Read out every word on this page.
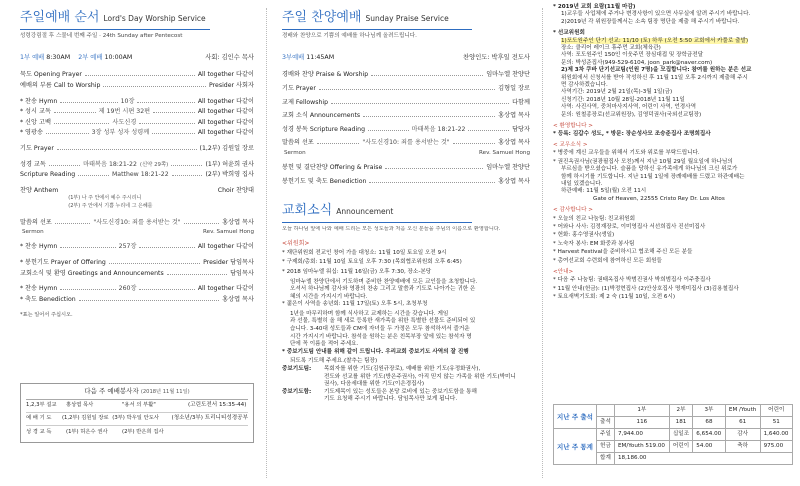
주일예배 순서 Lord's Day Worship Service
성령강림절 후 스물네 번째 주일 · 24th Sunday after Pentecost
1부 예배 8:30AM 2부 예배 10:00AM	사회: 김인수 목사
묵도 Opening Prayer	All together 다같이
예배의 부름 Call to Worship	Presider 사회자
* 찬송 Hymn	10장	All together 다같이
* 성시 교독	제 19번 시편 32편	All together 다같이
* 신앙 고백	사도신경	All together 다같이
* 영광송	3장 성부 성자 성령께	All together 다같이
기도 Prayer	(1,2부) 김원일 장로
성경 교독	마태복음 18:21-22 (신약 29쪽)	(1부) 허윤희 권사
Scripture Reading	Matthew 18:21-22	(2부) 박희영 집사
찬양 Anthem
(1부) 나 주 안에서 예수 주시리니
(2부) 주 안에서 기쁨 누리네 그 은혜를
Choir 찬양대
말씀의 선포	"사도신경10: 죄를 용서받는 것"	홍상엽 목사
Sermon	Rev. Samuel Hong
* 찬송 Hymn	257장	All together 다같이
* 봉헌기도 Prayer of Offering	Presider 담임목사
교회소식 및 환영 Greetings and Announcements	담임목사
* 찬송 Hymn	260장	All together 다같이
* 축도 Benediction	홍상엽 목사
*표는 일어서 주십시오.
다음 주 예배봉사자 (2018년 11월 11일)
1,2,3부 설교	홍상엽 목사	"용서 의 부활"	(고린도전서 15:35-44)
예 배 기 도	(1,2부) 김원일 장로 (3부) 박우일 안도사	(청소년/3부) 트리니티성경공부
성 경 교 독	(1부) 허은수 권사	(2부) 반은희 집사
주일 찬양예배 Sunday Praise Service
경배와 찬양으로 기쁨의 예배를 하나님께 올려드립니다.
3부예배 11:45AM	찬양인도: 박후일 전도사
경배와 찬양 Praise & Worship	임마누엘 찬양단
기도 Prayer	김형일 장로
교제 Fellowship	다함께
교회 소식 Announcements	홍상엽 목사
성경 봉독 Scripture Reading	마태복음 18:21-22	담당자
말씀의 선포	"사도신경10: 죄를 용서받는 것"	홍상엽 목사
Sermon	Rev. Samuel Hong
봉헌 및 결단찬양 Offering & Praise	임마누엘 찬양단
봉헌기도 및 축도 Benediction	홍상엽 목사
교회소식 Announcement
오늘 하나님 앞에 나와 예배 드리는 모든 성도들과 처음 오신 분들을 주님의 이름으로 환영합니다.
<위원회>
* 재단위원회 전교인 창어 가을 대청소: 11월 10일 토요일 오전 9시
* 구제회/총회: 11월 10일 토요일 오후 7:30 (목회협조위원회 오후 6:45)
* 2018 임마누엘 워십: 11월 16일(금) 오후 7:30, 장소-본당
임마누엘 찬양단에서 기도하며 준비한 찬양예배에 모든 교인들을 초청합니다.
오셔서 하나님께 감사와 영광의 찬송 그리고 말씀과 기도로 나아가는 귀한 은
혜의 시간을 가지시기 바랍니다.
* 젊은이 사역을 송년회: 11월 17일(토) 오후 5시, 초청부청
1년을 마무리하며 함께 식사하고 교제하는 시간을 갖습니다. 게임
과 선물, 특별히 올 해 새로 등록한 새가족을 위한 특별한 선물도 준비되어 있
습니다. 3-40대 성도들과 CM에 자녀들 두 가정은 모두 참석하셔서 즐거운
시간 가지시기 바랍니다. 참석을 원하는 분은 친목부장 앞에 있는 참석자 명
단에 꼭 이름을 적어 주세요.
* 중보기도팀 안내를 위해 같이 드립니다. 우리교회 중보기도 사역의 잘 진행
되도록 기도해 주세요.(찰추는 팀장)
중보기도팀:	목회자를 위한 기도(김원규장로), 예배를 위한 기도(유정화권사),
전도와 선교를 위한 기도(방은주권사), 아직 믿지 않는 가족을 위한 기도(박미니
권사), 다음세대를 위한 기도(이은경집사)
중보기도함:	기도제목이 있는 성도들은 본당 로비에 있는 중보기도함을 통해
기도 요청해 주시기 바랍니다. 담임목사만 보게 됩니다.
* 2019년 교회 요람(11월 마감)
1)교우들 사업체에 주거나 변경사항이 있으면 사무실에 알려 주시기 바랍니다.
2)2019년 각 위원장들께서는 소속 팀장 명단을 제출 해 주시기 바랍니다.
* 선교위원회
1)포도원주인 단기 선교: 11/10 (토) 하루 (오전 5:50 교회에서 카풀로 출발)
장소: 클리어 레이크 휴주먼 교회(체육관)
사역: 포도원주인 150인 이웃주민 장심대접 및 장학금전달
문의: 박성준집사(949-529-6104, joon_park@naver.com)
2)제 3차 쿠바 단기선교팀(인원 7명)을 모집합니다: 참여를 원하는 분은 선교
위원회에서 신청서를 받아 작성하신 후 11월 11일 오후 2시까지 제출해 주시
면 감사하겠습니다.
사역기간: 2019년 2월 21일(목)-3월 1일(금)
신청기간: 2018년 10월 28일-2018년 11월 11일
사역: 사진사역, 중처마사지사역, 어린이 사역, 언경사역
문의: 원철종장로(선교위원장), 김영덕권사(국외선교팀장)
< 환영합니다 >
* 등록: 김갑수 성도, * 방문: 장순성사모 조승준집사 조명희집사
< 교우소식 >
* 병중에 계신 교우들을 위해서 기도와 위로를 부탁드립니다.
* 권진옥권사님(권광필집사 모친)께서 지난 10월 29일 월요일에 하나님의
부르심을 받으셨습니다. 슬픔을 당하신 유가족에게 하나님의 크신 위로가
함께 하시기를 기도합니다. 지난 11월 1일에 장례예배를 드렸고 하관예배는
내일 있겠습니다.
하관예배: 11월 5일(월) 오전 11시
Gate of Heaven, 22555 Cristo Rey Dr. Los Altos
< 감사합니다 >
* 오늘의 친교 나눔팀: 친교위원회
* 어와나 사사: 김정재장로, 이미영집사 서선희집사 진선미집사
* 헌화: 홍수영권사(생일)
* 노숙자 봉사: EM 화중과 봉사팀
* Harvest Festival을 준비하시고 협조해 주신 모든 분들
* 총여선교회 수련회에 참여하신 모든 회원들
<안내>
* 다음 주 나눔팀: 권태옥집사 박범진권사 박희범집사 이주충집사
* 11월 안내(헌금): (1)박정현집사 (2)안상호집사 명재미집사 (3)김용철집사
* 토요새벽기도회: 제 2 숙 (11월 10일, 오전 6시)
지난 주 출석		1부	2부	3부	EM /Youth	어린이
	출석	116	181	68	61	51
지난 주 통계	주일	7,944.00	십일조	6,654.00	감사	1,640.00
	헌금	EM/Youth 519.00	어린이	54.00	축하	975.00
	합계	18,186.00				
